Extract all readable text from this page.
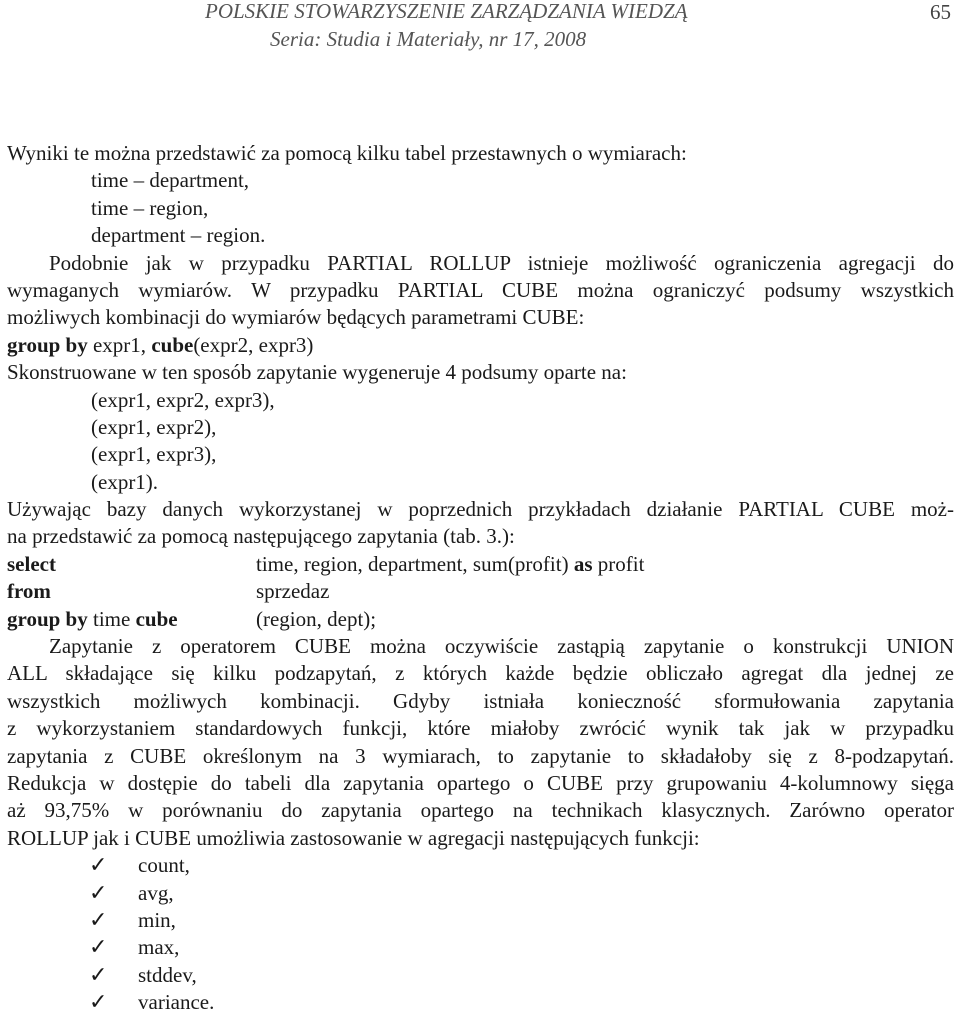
POLSKIE STOWARZYSZENIE ZARZĄDZANIA WIEDZĄ
Seria: Studia i Materiały, nr 17, 2008
65
Wyniki te można przedstawić za pomocą kilku tabel przestawnych o wymiarach:
time – department,
time – region,
department – region.
Podobnie jak w przypadku PARTIAL ROLLUP istnieje możliwość ograniczenia agregacji do
wymaganych wymiarów. W przypadku PARTIAL CUBE można ograniczyć podsumy wszystkich
możliwych kombinacji do wymiarów będących parametrami CUBE:
group by expr1, cube(expr2, expr3)
Skonstruowane w ten sposób zapytanie wygeneruje 4 podsumy oparte na:
(expr1, expr2, expr3),
(expr1, expr2),
(expr1, expr3),
(expr1).
Używając bazy danych wykorzystanej w poprzednich przykładach działanie PARTIAL CUBE moż-
na przedstawić za pomocą następującego zapytania (tab. 3.):
select	time, region, department, sum(profit) as profit
from	sprzedaz
group by time cube	(region, dept);
Zapytanie z operatorem CUBE można oczywiście zastąpią zapytanie o konstrukcji UNION
ALL składające się kilku podzapytań, z których każde będzie obliczało agregat dla jednej ze
wszystkich możliwych kombinacji. Gdyby istniała konieczność sformułowania zapytania
z wykorzystaniem standardowych funkcji, które miałoby zwrócić wynik tak jak w przypadku
zapytania z CUBE określonym na 3 wymiarach, to zapytanie to składałoby się z 8-podzapytań.
Redukcja w dostępie do tabeli dla zapytania opartego o CUBE przy grupowaniu 4-kolumnowy sięga
aż 93,75% w porównaniu do zapytania opartego na technikach klasycznych. Zarówno operator
ROLLUP jak i CUBE umożliwia zastosowanie w agregacji następujących funkcji:
✓ count,
✓ avg,
✓ min,
✓ max,
✓ stddev,
✓ variance.
